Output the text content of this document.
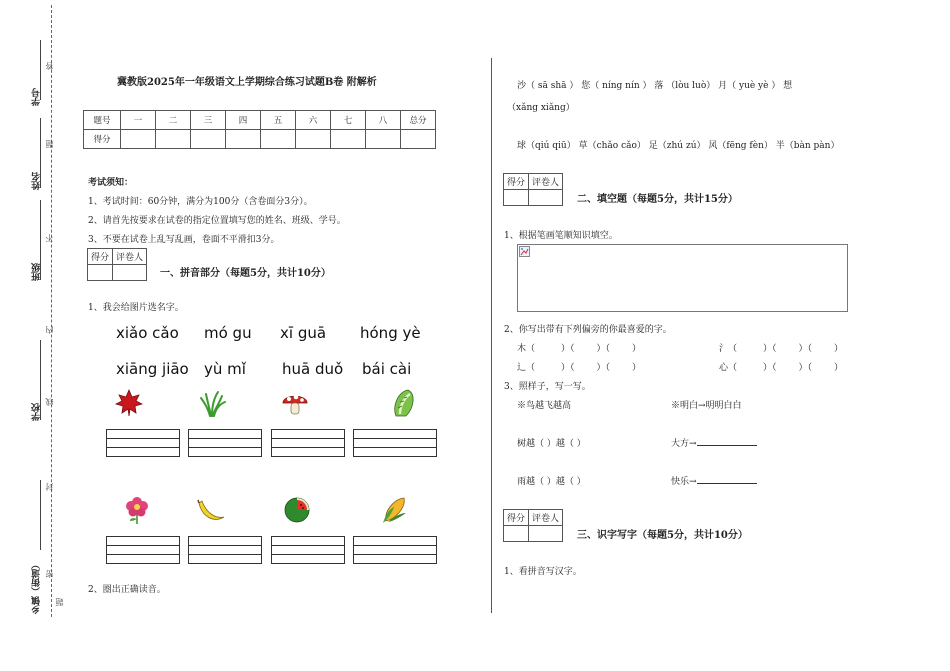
学号
姓名
班级
学校
乡镇（街道）
答
题
不
内
线
封
密
题
冀教版2025年一年级语文上学期综合练习试题B卷 附解析
题号	一	二	三	四	五	六	七	八	总分
得分									
考试须知：
1、考试时间：60分钟，满分为100分（含卷面分3分）。
2、请首先按要求在试卷的指定位置填写您的姓名、班级、学号。
3、不要在试卷上乱写乱画，卷面不平滑扣3分。
得分	评卷人

一、拼音部分（每题5分，共计10分）
1、我会给图片选名字。
xiǎo cǎo mó gu xī guā hóng yè
xiāng jiāo yù mǐ huā duǒ bái cài
2、圈出正确读音。
沙（ sā shā ） 您（ níng nín ） 落 （lòu luò） 月（ yuè yè ） 想
（xǎng xiǎng）
球（qiú qiū） 草（chǎo cǎo） 足（zhú zú） 风（fēng fèn） 半（bàn pàn）
得分	评卷人

二、填空题（每题5分，共计15分）
1、根据笔画笔顺知识填空。
2、你写出带有下列偏旁的你最喜爱的字。
木（	）（ ）（ ）	氵（	）（ ）（ ）
辶（	）（ ）（ ）	心（	）（ ）（ ）
3、照样子，写一写。
※鸟越飞越高	※明白→明明白白
树越（ ）越（ ）	大方→
雨越（ ）越（ ）	快乐→
得分	评卷人

三、识字写字（每题5分，共计10分）
1、看拼音写汉字。
